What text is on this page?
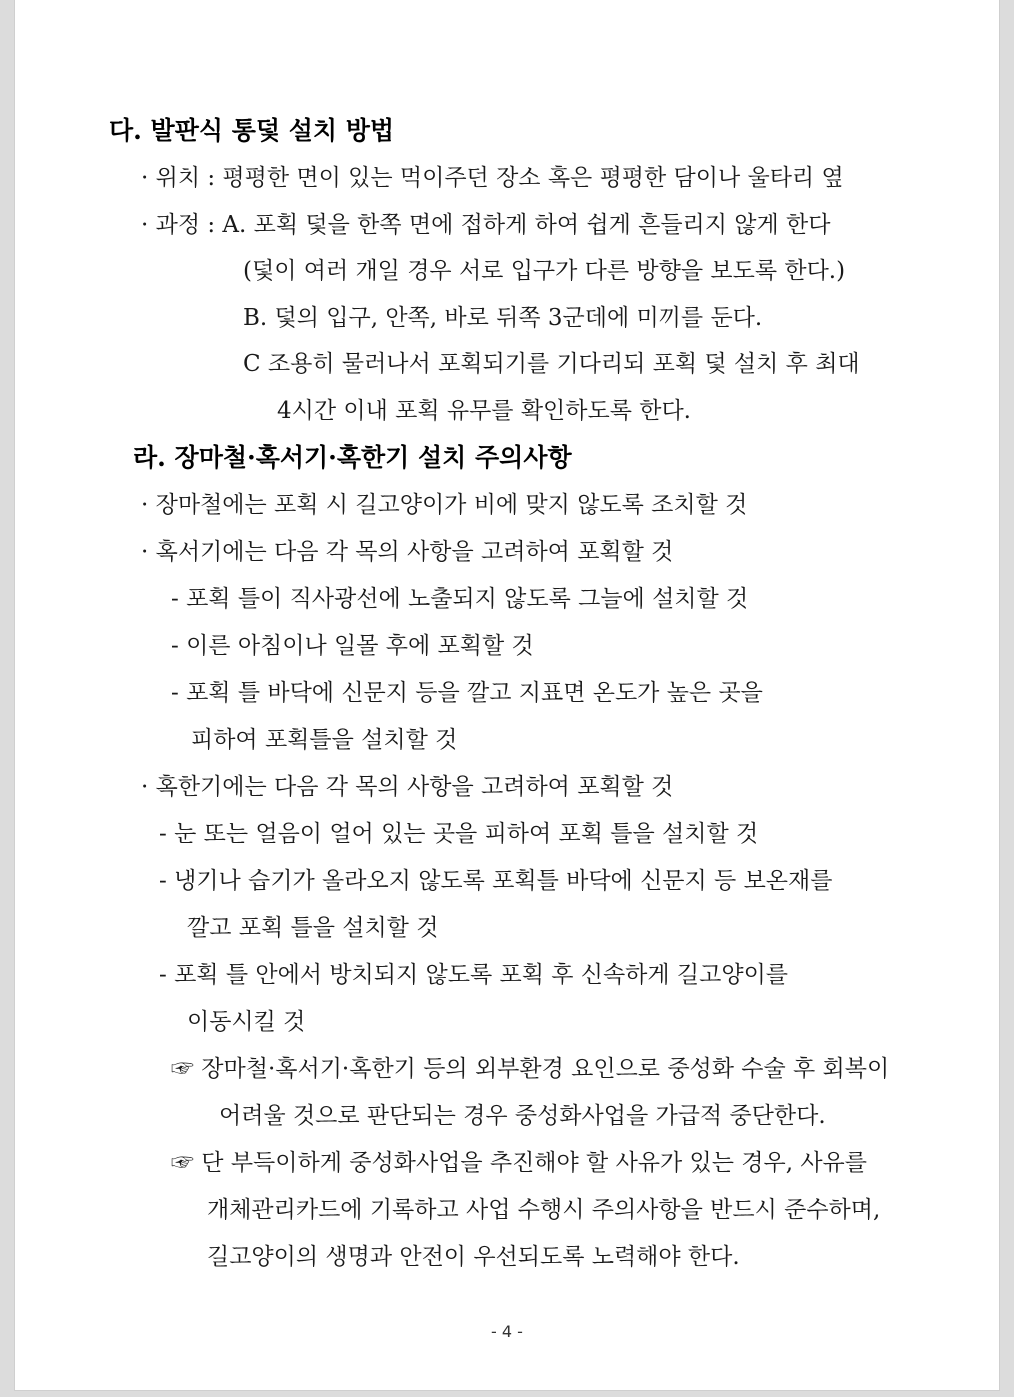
다. 발판식 통덫 설치 방법
· 위치 : 평평한 면이 있는 먹이주던 장소 혹은 평평한 담이나 울타리 옆
· 과정 : A. 포획 덫을 한쪽 면에 접하게 하여 쉽게 흔들리지 않게 한다
(덫이 여러 개일 경우 서로 입구가 다른 방향을 보도록 한다.)
B. 덫의 입구, 안쪽, 바로 뒤쪽 3군데에 미끼를 둔다.
C 조용히 물러나서 포획되기를 기다리되 포획 덫 설치 후 최대
4시간 이내 포획 유무를 확인하도록 한다.
라. 장마철·혹서기·혹한기 설치 주의사항
· 장마철에는 포획 시 길고양이가 비에 맞지 않도록 조치할 것
· 혹서기에는 다음 각 목의 사항을 고려하여 포획할 것
- 포획 틀이 직사광선에 노출되지 않도록 그늘에 설치할 것
- 이른 아침이나 일몰 후에 포획할 것
- 포획 틀 바닥에 신문지 등을 깔고 지표면 온도가 높은 곳을
피하여 포획틀을 설치할 것
· 혹한기에는 다음 각 목의 사항을 고려하여 포획할 것
- 눈 또는 얼음이 얼어 있는 곳을 피하여 포획 틀을 설치할 것
- 냉기나 습기가 올라오지 않도록 포획틀 바닥에 신문지 등 보온재를
깔고 포획 틀을 설치할 것
- 포획 틀 안에서 방치되지 않도록 포획 후 신속하게 길고양이를
이동시킬 것
☞ 장마철·혹서기·혹한기 등의 외부환경 요인으로 중성화 수술 후 회복이
어려울 것으로 판단되는 경우 중성화사업을 가급적 중단한다.
☞ 단 부득이하게 중성화사업을 추진해야 할 사유가 있는 경우, 사유를
개체관리카드에 기록하고 사업 수행시 주의사항을 반드시 준수하며,
길고양이의 생명과 안전이 우선되도록 노력해야 한다.
- 4 -
